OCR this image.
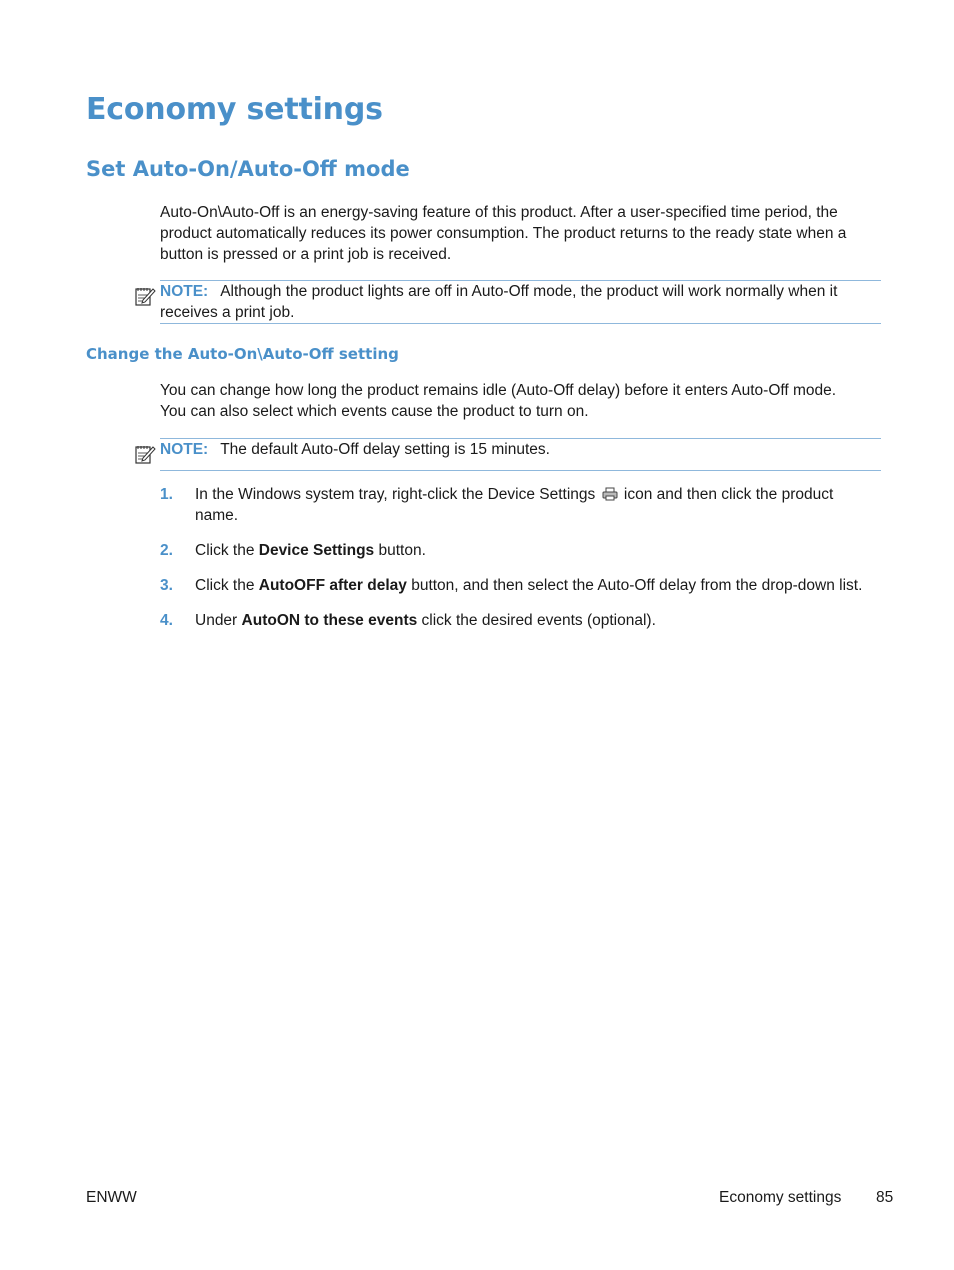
Economy settings
Set Auto-On/Auto-Off mode

Auto-On\Auto-Off is an energy-saving feature of this product. After a user-specified time period, the product automatically reduces its power consumption. The product returns to the ready state when a button is pressed or a print job is received.

NOTE: Although the product lights are off in Auto-Off mode, the product will work normally when it receives a print job.
Change the Auto-On\Auto-Off setting

You can change how long the product remains idle (Auto-Off delay) before it enters Auto-Off mode. You can also select which events cause the product to turn on.

NOTE: The default Auto-Off delay setting is 15 minutes.
1. In the Windows system tray, right-click the Device Settings icon and then click the product name.
2. Click the Device Settings button.
3. Click the AutoOFF after delay button, and then select the Auto-Off delay from the drop-down list.
4. Under AutoON to these events click the desired events (optional).
ENWW	Economy settings 85
